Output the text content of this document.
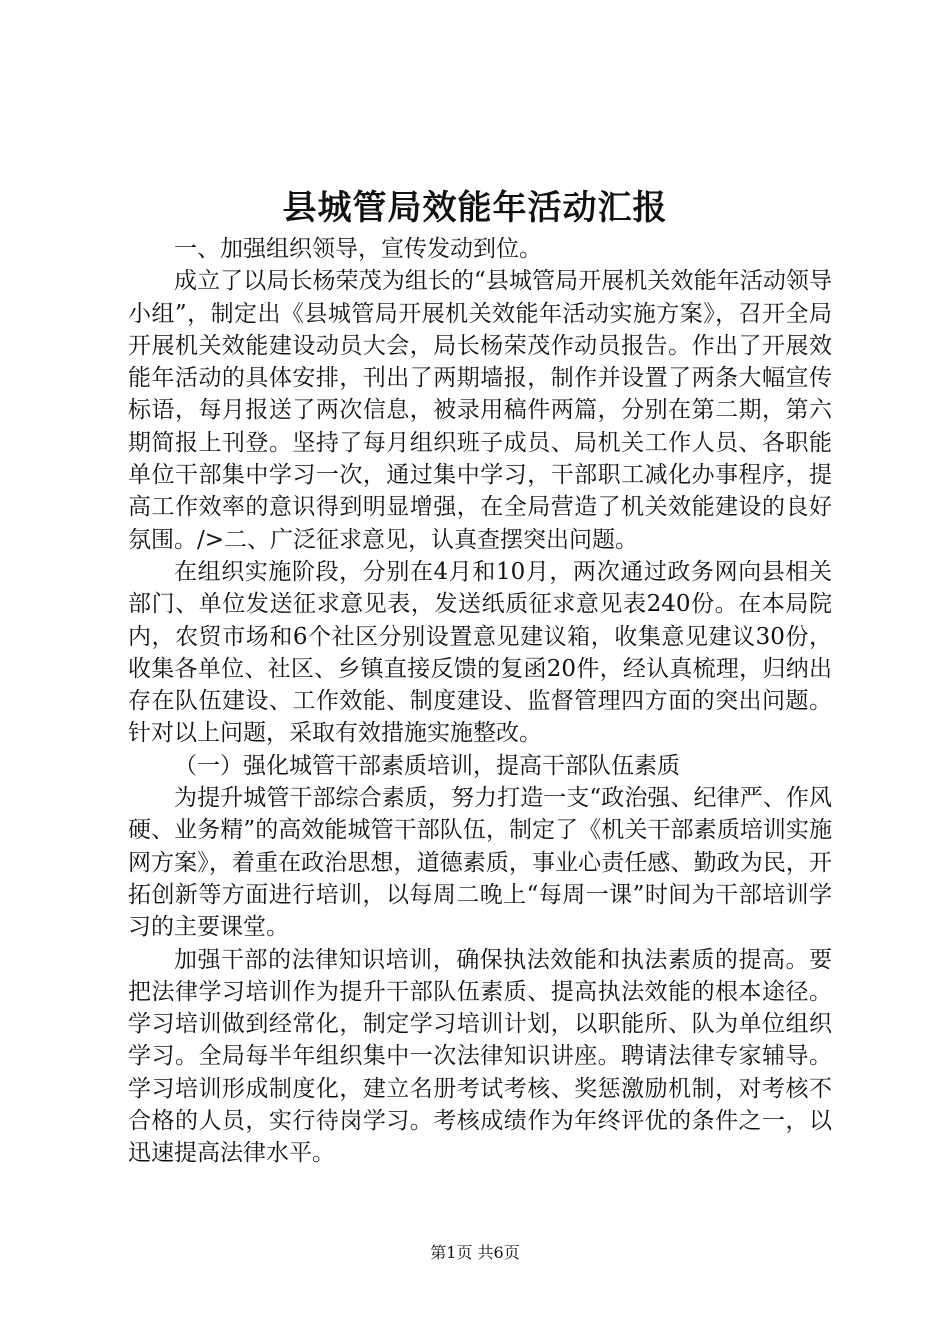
县城管局效能年活动汇报

一、加强组织领导，宣传发动到位。

成立了以局长杨荣茂为组长的“县城管局开展机关效能年活动领导小组”，制定出《县城管局开展机关效能年活动实施方案》，召开全局开展机关效能建设动员大会，局长杨荣茂作动员报告。作出了开展效能年活动的具体安排，刊出了两期墙报，制作并设置了两条大幅宣传标语，每月报送了两次信息，被录用稿件两篇，分别在第二期，第六期简报上刊登。坚持了每月组织班子成员、局机关工作人员、各职能单位干部集中学习一次，通过集中学习，干部职工减化办事程序，提高工作效率的意识得到明显增强，在全局营造了机关效能建设的良好氛围。/>二、广泛征求意见，认真查摆突出问题。

在组织实施阶段，分别在4月和10月，两次通过政务网向县相关部门、单位发送征求意见表，发送纸质征求意见表240份。在本局院内，农贸市场和6个社区分别设置意见建议箱，收集意见建议30份，收集各单位、社区、乡镇直接反馈的复函20件，经认真梳理，归纳出存在队伍建设、工作效能、制度建设、监督管理四方面的突出问题。针对以上问题，采取有效措施实施整改。

（一）强化城管干部素质培训，提高干部队伍素质

为提升城管干部综合素质，努力打造一支“政治强、纪律严、作风硬、业务精”的高效能城管干部队伍，制定了《机关干部素质培训实施网方案》，着重在政治思想，道德素质，事业心责任感、勤政为民，开拓创新等方面进行培训，以每周二晚上“每周一课”时间为干部培训学习的主要课堂。

加强干部的法律知识培训，确保执法效能和执法素质的提高。要把法律学习培训作为提升干部队伍素质、提高执法效能的根本途径。学习培训做到经常化，制定学习培训计划，以职能所、队为单位组织学习。全局每半年组织集中一次法律知识讲座。聘请法律专家辅导。学习培训形成制度化，建立名册考试考核、奖惩激励机制，对考核不合格的人员，实行待岗学习。考核成绩作为年终评优的条件之一，以迅速提高法律水平。

第1页 共6页
